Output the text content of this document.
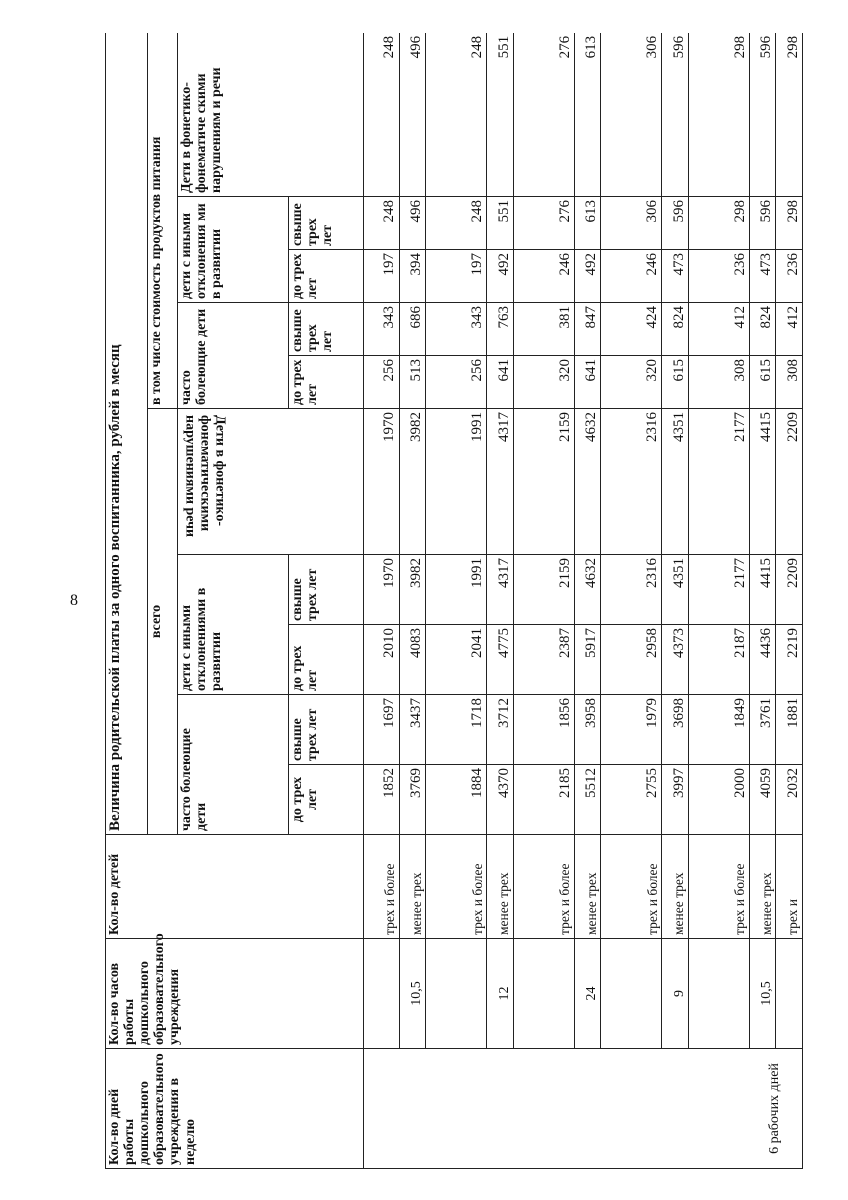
8
Кол-во дней работы дошкольного образовательного учреждения в неделю	Кол-во часов работы дошкольного образовательного учреждения	Кол-во детей	Величина родительской платы за одного воспитанника, рублей в месяц									
			всего					в том числе стоимость продуктов питания				
			часто болеющие дети		дети с иными отклонениями в развитии		Дети в фонетико-фонематическими нарушениями речи	часто болеющие дети		дети с иными отклонения ми в развитии		Дети в фонетико-фонематиче скими нарушениям и речи
			до трех лет	свыше трех лет	до трех лет	свыше трех лет		до трех лет	свыше трех лет	до трех лет	свыше трех лет	
6 рабочих дней		трех и более	1852	1697	2010	1970	1970	256	343	197	248	248
	10,5	менее трех	3769	3437	4083	3982	3982	513	686	394	496	496
		трех и более	1884	1718	2041	1991	1991	256	343	197	248	248
	12	менее трех	4370	3712	4775	4317	4317	641	763	492	551	551
		трех и более	2185	1856	2387	2159	2159	320	381	246	276	276
	24	менее трех	5512	3958	5917	4632	4632	641	847	492	613	613
		трех и более	2755	1979	2958	2316	2316	320	424	246	306	306
	9	менее трех	3997	3698	4373	4351	4351	615	824	473	596	596
		трех и более	2000	1849	2187	2177	2177	308	412	236	298	298
	10,5	менее трех	4059	3761	4436	4415	4415	615	824	473	596	596
		трех и	2032	1881	2219	2209	2209	308	412	236	298	298
